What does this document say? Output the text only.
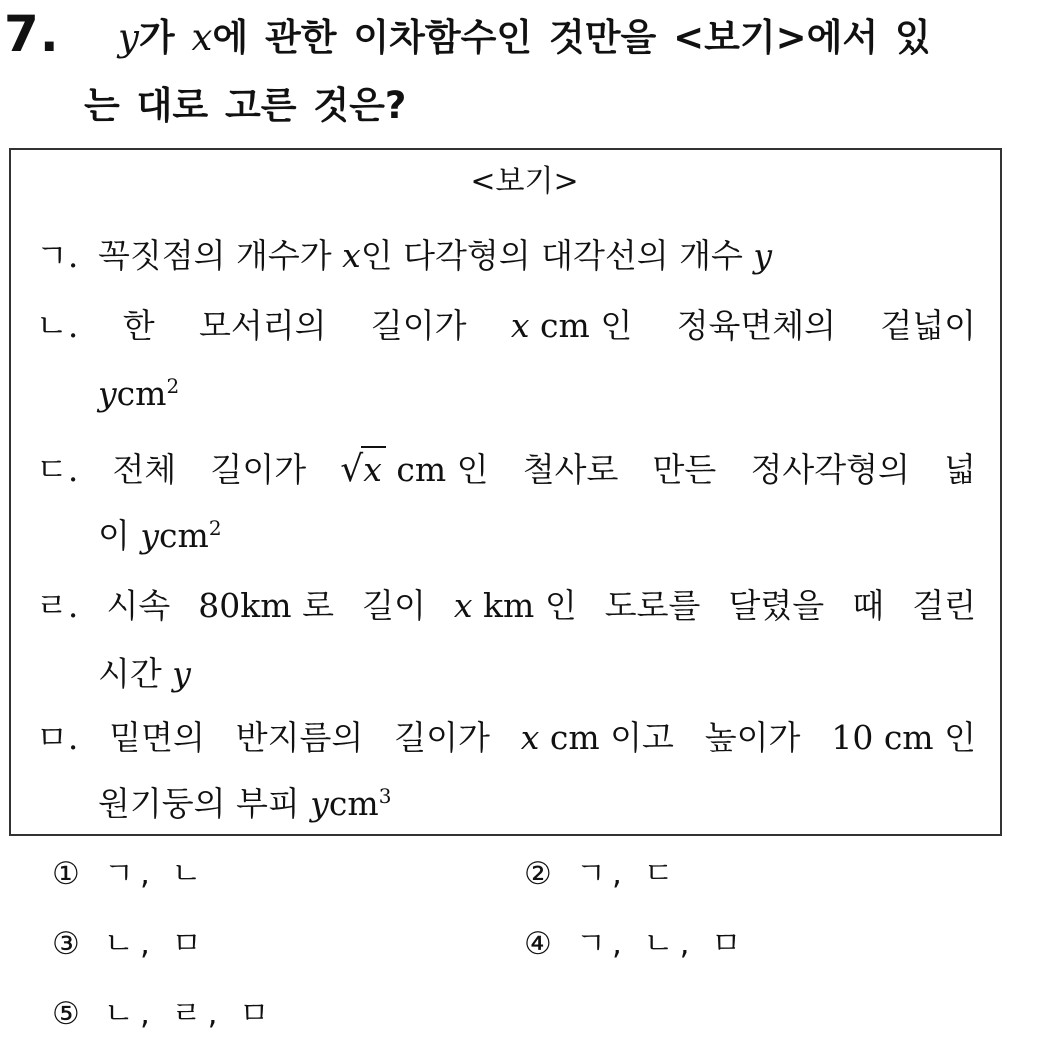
7. y가 x에 관한 이차함수인 것만을 <보기>에서 있
는 대로 고른 것은?
<보기>
ㄱ. 꼭짓점의 개수가 x인 다각형의 대각선의 개수 y
ㄴ. 한 모서리의 길이가 x cm 인 정육면체의 겉넓이
ycm$^2$
ㄷ. 전체 길이가 √ x cm 인 철사로 만든 정사각형의 넓
이 ycm$^2$
ㄹ. 시속 80km 로 길이 x km 인 도로를 달렸을 때 걸린
시간 y
ㅁ. 밑면의 반지름의 길이가 x cm 이고 높이가 10 cm 인
원기둥의 부피 ycm$^3$
① ㄱ, ㄴ	② ㄱ, ㄷ
③ ㄴ, ㅁ	④ ㄱ, ㄴ, ㅁ
⑤ ㄴ, ㄹ, ㅁ
